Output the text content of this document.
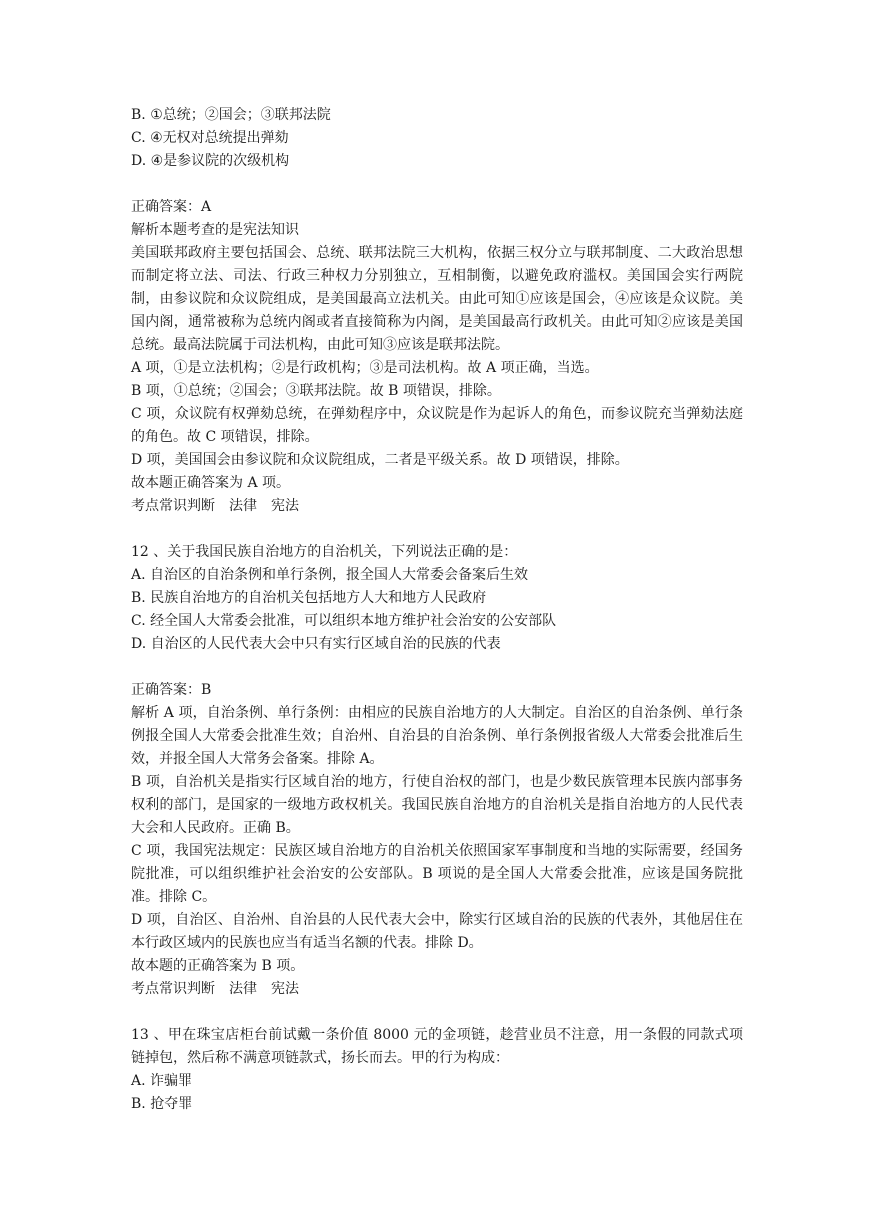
B. ①总统；②国会；③联邦法院
C. ④无权对总统提出弹劾
D. ④是参议院的次级机构
正确答案：A
解析本题考查的是宪法知识
美国联邦政府主要包括国会、总统、联邦法院三大机构，依据三权分立与联邦制度、二大政治思想而制定将立法、司法、行政三种权力分别独立，互相制衡，以避免政府滥权。美国国会实行两院制，由参议院和众议院组成，是美国最高立法机关。由此可知①应该是国会，④应该是众议院。美国内阁，通常被称为总统内阁或者直接简称为内阁，是美国最高行政机关。由此可知②应该是美国总统。最高法院属于司法机构，由此可知③应该是联邦法院。
A 项，①是立法机构；②是行政机构；③是司法机构。故 A 项正确，当选。
B 项，①总统；②国会；③联邦法院。故 B 项错误，排除。
C 项，众议院有权弹劾总统，在弹劾程序中，众议院是作为起诉人的角色，而参议院充当弹劾法庭的角色。故 C 项错误，排除。
D 项，美国国会由参议院和众议院组成，二者是平级关系。故 D 项错误，排除。
故本题正确答案为 A 项。
考点常识判断　法律　宪法
12 、关于我国民族自治地方的自治机关，下列说法正确的是：
A. 自治区的自治条例和单行条例，报全国人大常委会备案后生效
B. 民族自治地方的自治机关包括地方人大和地方人民政府
C. 经全国人大常委会批准，可以组织本地方维护社会治安的公安部队
D. 自治区的人民代表大会中只有实行区域自治的民族的代表
正确答案：B
解析 A 项，自治条例、单行条例：由相应的民族自治地方的人大制定。自治区的自治条例、单行条例报全国人大常委会批准生效；自治州、自治县的自治条例、单行条例报省级人大常委会批准后生效，并报全国人大常务会备案。排除 A。
B 项，自治机关是指实行区域自治的地方，行使自治权的部门，也是少数民族管理本民族内部事务权利的部门，是国家的一级地方政权机关。我国民族自治地方的自治机关是指自治地方的人民代表大会和人民政府。正确 B。
C 项，我国宪法规定：民族区域自治地方的自治机关依照国家军事制度和当地的实际需要，经国务院批准，可以组织维护社会治安的公安部队。B 项说的是全国人大常委会批准，应该是国务院批准。排除 C。
D 项，自治区、自治州、自治县的人民代表大会中，除实行区域自治的民族的代表外，其他居住在本行政区域内的民族也应当有适当名额的代表。排除 D。
故本题的正确答案为 B 项。
考点常识判断　法律　宪法
13 、甲在珠宝店柜台前试戴一条价值 8000 元的金项链，趁营业员不注意，用一条假的同款式项链掉包，然后称不满意项链款式，扬长而去。甲的行为构成：
A. 诈骗罪
B. 抢夺罪
